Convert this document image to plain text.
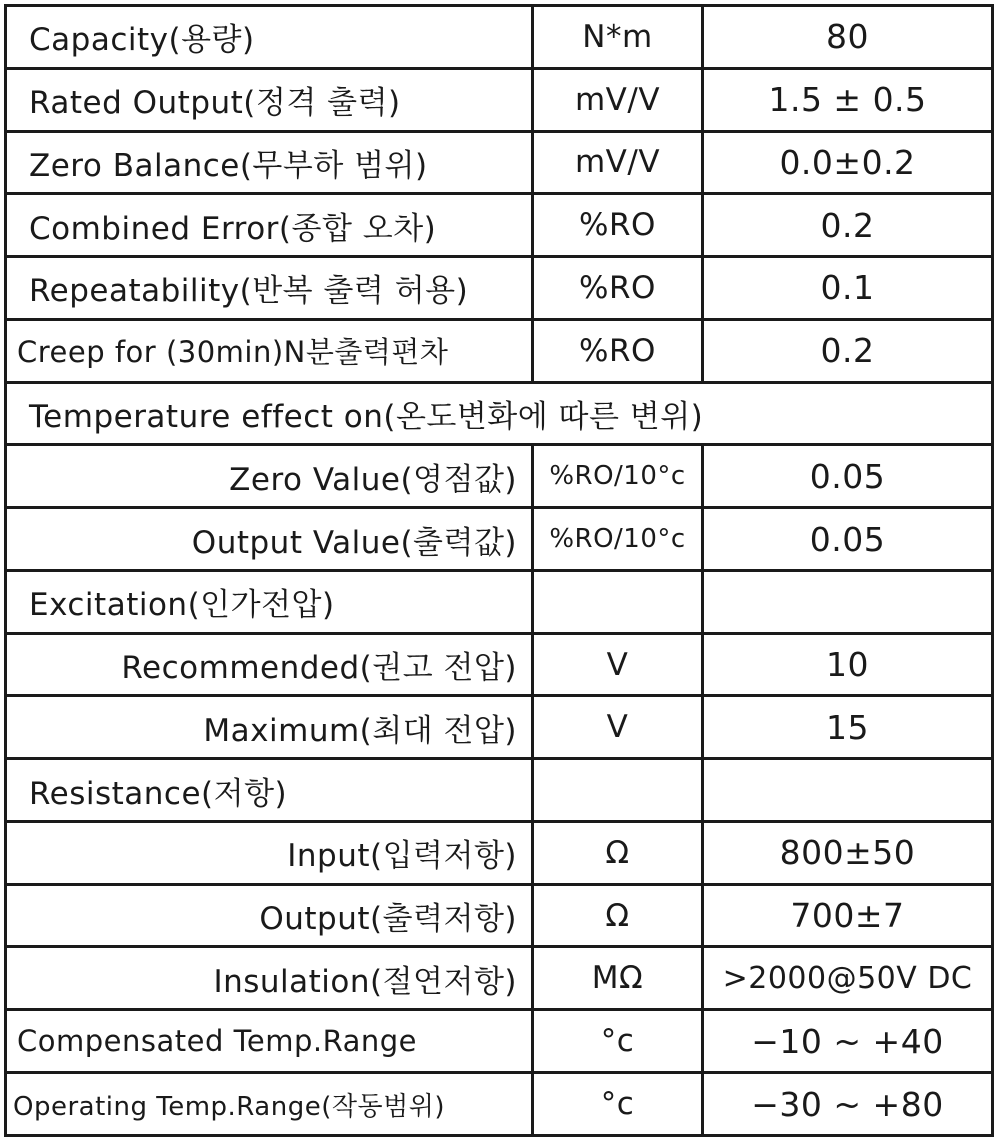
Capacity(용량)	N*m	80
Rated Output(정격 출력)	mV/V	1.5 ± 0.5
Zero Balance(무부하 범위)	mV/V	0.0±0.2
Combined Error(종합 오차)	%RO	0.2
Repeatability(반복 출력 허용)	%RO	0.1
Creep for (30min)N분출력편차	%RO	0.2
Temperature effect on(온도변화에 따른 변위)		
Zero Value(영점값)	%RO/10°c	0.05
Output Value(출력값)	%RO/10°c	0.05
Excitation(인가전압)		
Recommended(권고 전압)	V	10
Maximum(최대 전압)	V	15
Resistance(저항)		
Input(입력저항)	Ω	800±50
Output(출력저항)	Ω	700±7
Insulation(절연저항)	MΩ	>2000@50V DC
Compensated Temp.Range	°c	−10 ~ +40
Operating Temp.Range(작동범위)	°c	−30 ~ +80
